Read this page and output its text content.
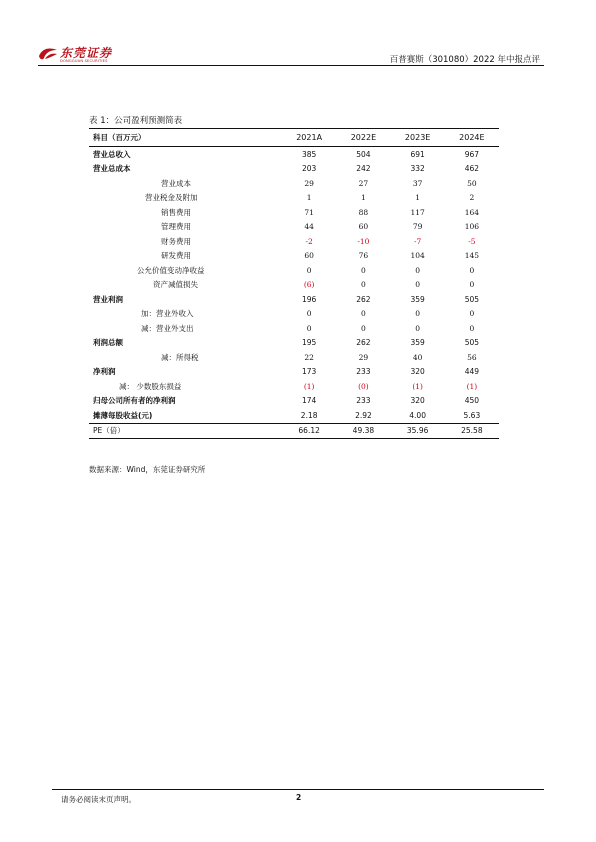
东莞证券
DONGGUAN SECURITIES	百普赛斯（301080）2022 年中报点评
表 1：公司盈利预测简表
科目（百万元）	2021A	2022E	2023E	2024E
营业总收入	385	504	691	967
营业总成本	203	242	332	462
营业成本	29	27	37	50
营业税金及附加	1	1	1	2
销售费用	71	88	117	164
管理费用	44	60	79	106
财务费用	-2	-10	-7	-5
研发费用	60	76	104	145
公允价值变动净收益	0	0	0	0
资产减值损失	(6)	0	0	0
营业利润	196	262	359	505
加：营业外收入	0	0	0	0
减：营业外支出	0	0	0	0
利润总额	195	262	359	505
减：所得税	22	29	40	56
净利润	173	233	320	449
减： 少数股东损益	(1)	(0)	(1)	(1)
归母公司所有者的净利润	174	233	320	450
摊薄每股收益(元)	2.18	2.92	4.00	5.63
PE（倍）	66.12	49.38	35.96	25.58
数据来源：Wind，东莞证券研究所
请务必阅读末页声明。	2
